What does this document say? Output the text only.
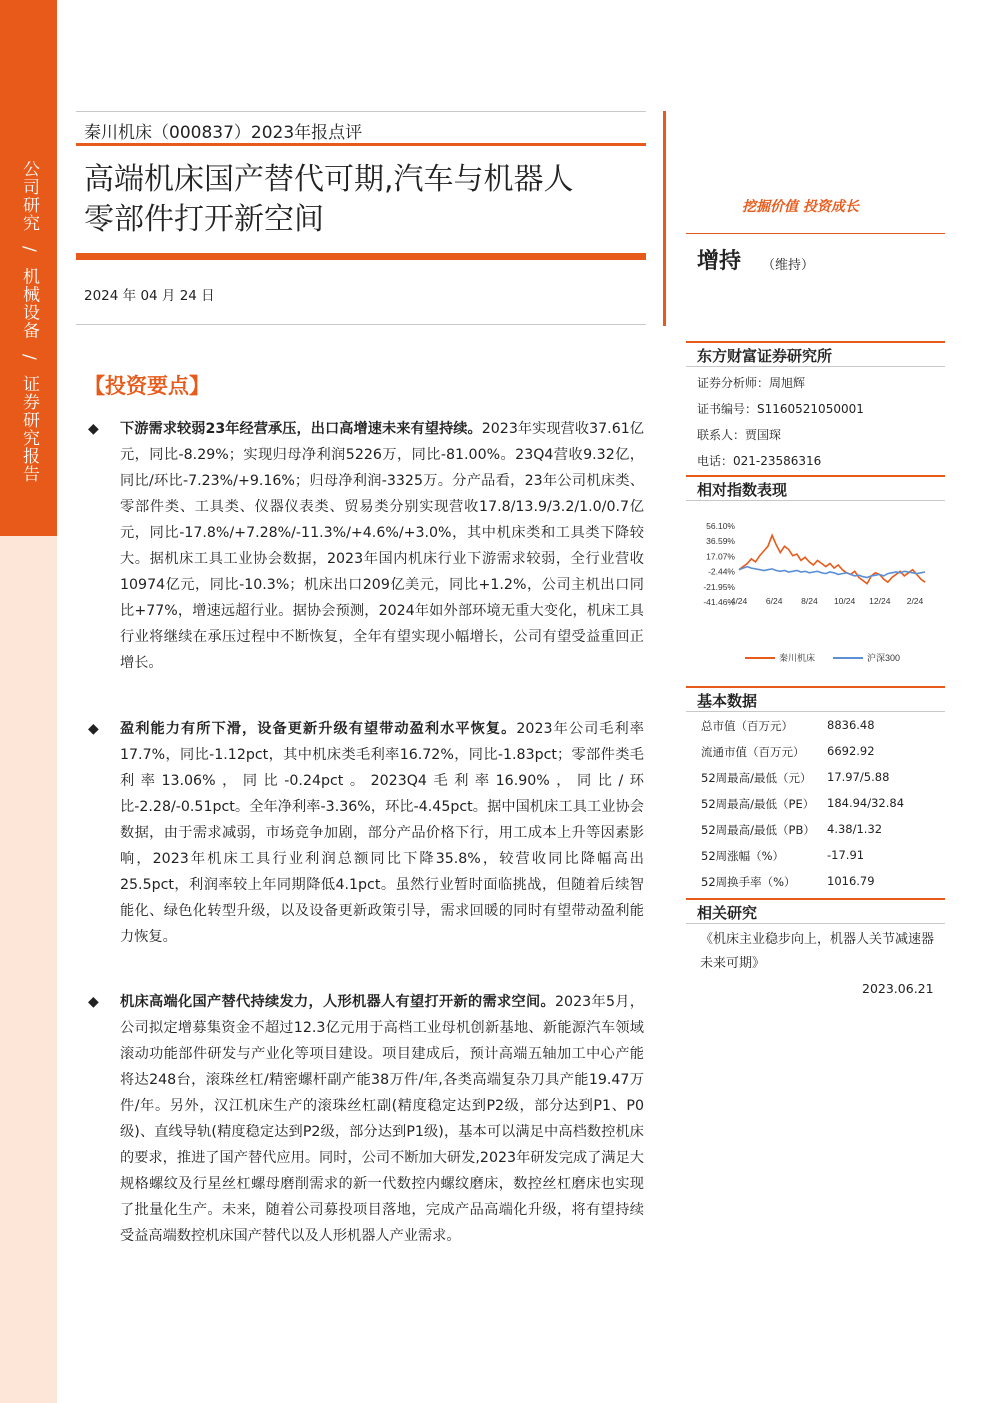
公司研究 / 机械设备 / 证券研究报告
秦川机床（000837）2023年报点评
高端机床国产替代可期,汽车与机器人
零部件打开新空间
2024 年 04 月 24 日
【投资要点】
◆ 下游需求较弱23年经营承压，出口高增速未来有望持续。2023年实现营收37.61亿元，同比-8.29%；实现归母净利润5226万，同比-81.00%。23Q4营收9.32亿，同比/环比-7.23%/+9.16%；归母净利润-3325万。分产品看，23年公司机床类、零部件类、工具类、仪器仪表类、贸易类分别实现营收17.8/13.9/3.2/1.0/0.7亿元，同比-17.8%/+7.28%/-11.3%/+4.6%/+3.0%，其中机床类和工具类下降较大。据机床工具工业协会数据，2023年国内机床行业下游需求较弱，全行业营收10974亿元，同比-10.3%；机床出口209亿美元，同比+1.2%，公司主机出口同比+77%，增速远超行业。据协会预测，2024年如外部环境无重大变化，机床工具行业将继续在承压过程中不断恢复，全年有望实现小幅增长，公司有望受益重回正增长。
◆ 盈利能力有所下滑，设备更新升级有望带动盈利水平恢复。2023年公司毛利率17.7%，同比-1.12pct，其中机床类毛利率16.72%，同比-1.83pct；零部件类毛利率13.06%，同比-0.24pct。2023Q4毛利率16.90%，同比/环比-2.28/-0.51pct。全年净利率-3.36%，环比-4.45pct。据中国机床工具工业协会数据，由于需求减弱，市场竞争加剧，部分产品价格下行，用工成本上升等因素影响，2023年机床工具行业利润总额同比下降35.8%，较营收同比降幅高出25.5pct，利润率较上年同期降低4.1pct。虽然行业暂时面临挑战，但随着后续智能化、绿色化转型升级，以及设备更新政策引导，需求回暖的同时有望带动盈利能力恢复。
◆ 机床高端化国产替代持续发力，人形机器人有望打开新的需求空间。2023年5月，公司拟定增募集资金不超过12.3亿元用于高档工业母机创新基地、新能源汽车领域滚动功能部件研发与产业化等项目建设。项目建成后，预计高端五轴加工中心产能将达248台，滚珠丝杠/精密螺杆副产能38万件/年,各类高端复杂刀具产能19.47万件/年。另外，汉江机床生产的滚珠丝杠副(精度稳定达到P2级，部分达到P1、P0级)、直线导轨(精度稳定达到P2级，部分达到P1级)，基本可以满足中高档数控机床的要求，推进了国产替代应用。同时，公司不断加大研发,2023年研发完成了满足大规格螺纹及行星丝杠螺母磨削需求的新一代数控内螺纹磨床，数控丝杠磨床也实现了批量化生产。未来，随着公司募投项目落地，完成产品高端化升级，将有望持续受益高端数控机床国产替代以及人形机器人产业需求。
挖掘价值 投资成长
增持 （维持）
东方财富证券研究所
证券分析师：周旭辉
证书编号：S1160521050001
联系人：贾国琛
电话：021-23586316
相对指数表现
56.10%
36.59%
17.07%
-2.44%
-21.95%
-41.46%
4/24 6/24 8/24 10/24 12/24 2/24
秦川机床	沪深300
基本数据
总市值（百万元）	8836.48
流通市值（百万元） 6692.92
52周最高/最低（元） 17.97/5.88
52周最高/最低（PE） 184.94/32.84
52周最高/最低（PB） 4.38/1.32
52周涨幅（%）	-17.91
52周换手率（%）	1016.79
相关研究
《机床主业稳步向上，机器人关节减速器未来可期》
2023.06.21
